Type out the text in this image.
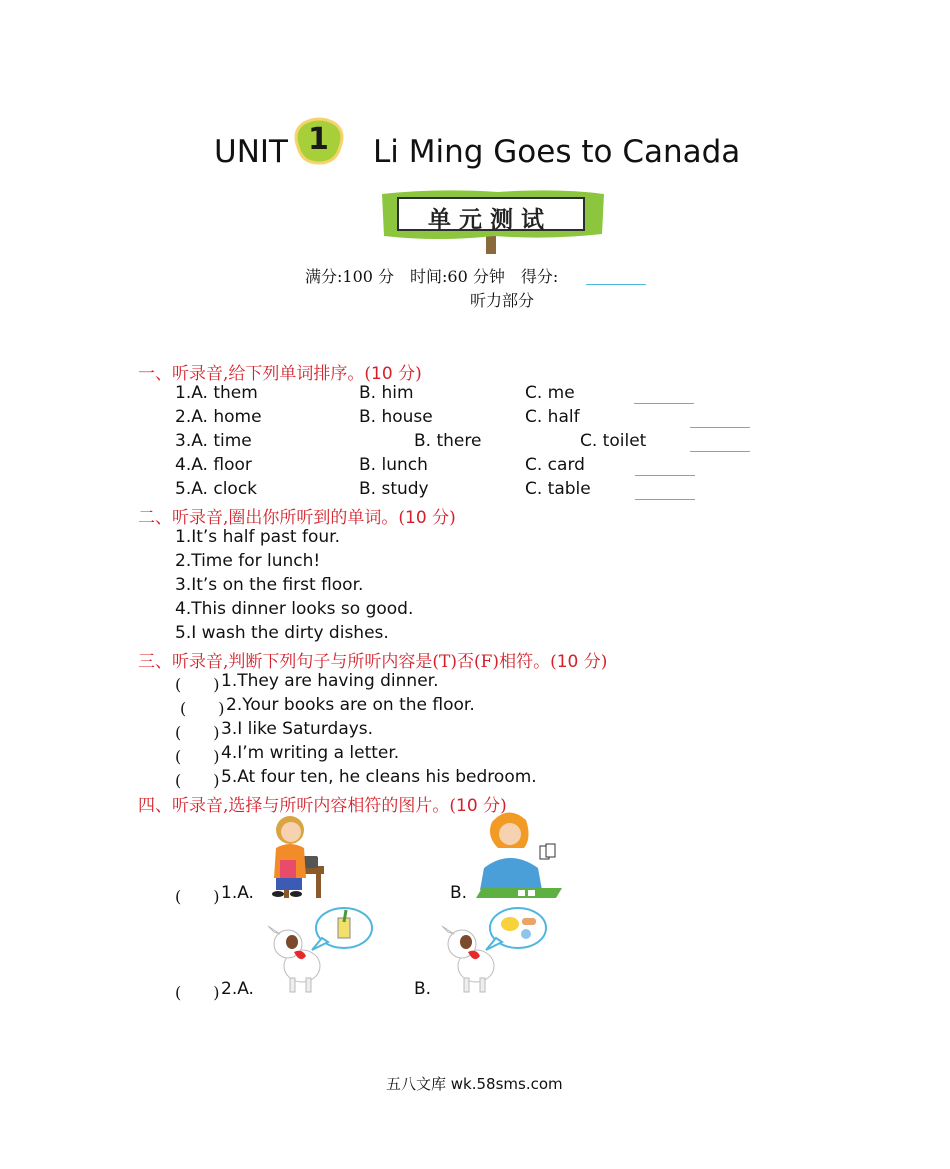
UNIT 1 Li Ming Goes to Canada
单元测试
满分:100 分　时间:60 分钟　得分:
听力部分
一、听录音,给下列单词排序。(10 分)
1.A. them	B. him	C. me
2.A. home	B. house	C. half
3.A. time	B. there	C. toilet
4.A. floor	B. lunch	C. card
5.A. clock	B. study	C. table
二、听录音,圈出你所听到的单词。(10 分)
1.It’s half past four.
2.Time for lunch!
3.It’s on the first floor.
4.This dinner looks so good.
5.I wash the dirty dishes.
三、听录音,判断下列句子与所听内容是(T)否(F)相符。(10 分)
(　　) 1.They are having dinner.
(　　) 2.Your books are on the floor.
(　　) 3.I like Saturdays.
(　　) 4.I’m writing a letter.
(　　) 5.At four ten, he cleans his bedroom.
四、听录音,选择与所听内容相符的图片。(10 分)
(　　) 1.A.	B.
(　　) 2.A.	B.
五八文库 wk.58sms.com
